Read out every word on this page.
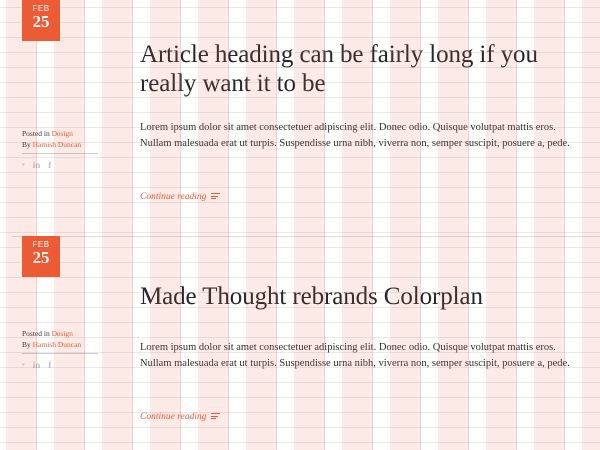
FEB
25
Posted in Design
By Hamish Duncan
ᵛ in f
Article heading can be fairly long if you really want it to be

Lorem ipsum dolor sit amet consectetuer adipiscing elit. Donec odio. Quisque volutpat mattis eros. Nullam malesuada erat ut turpis. Suspendisse urna nibh, viverra non, semper suscipit, posuere a, pede.

Continue reading
FEB
25
Posted in Design
By Hamish Duncan
ᵛ in f
Made Thought rebrands Colorplan

Lorem ipsum dolor sit amet consectetuer adipiscing elit. Donec odio. Quisque volutpat mattis eros. Nullam malesuada erat ut turpis. Suspendisse urna nibh, viverra non, semper suscipit, posuere a, pede.

Continue reading
